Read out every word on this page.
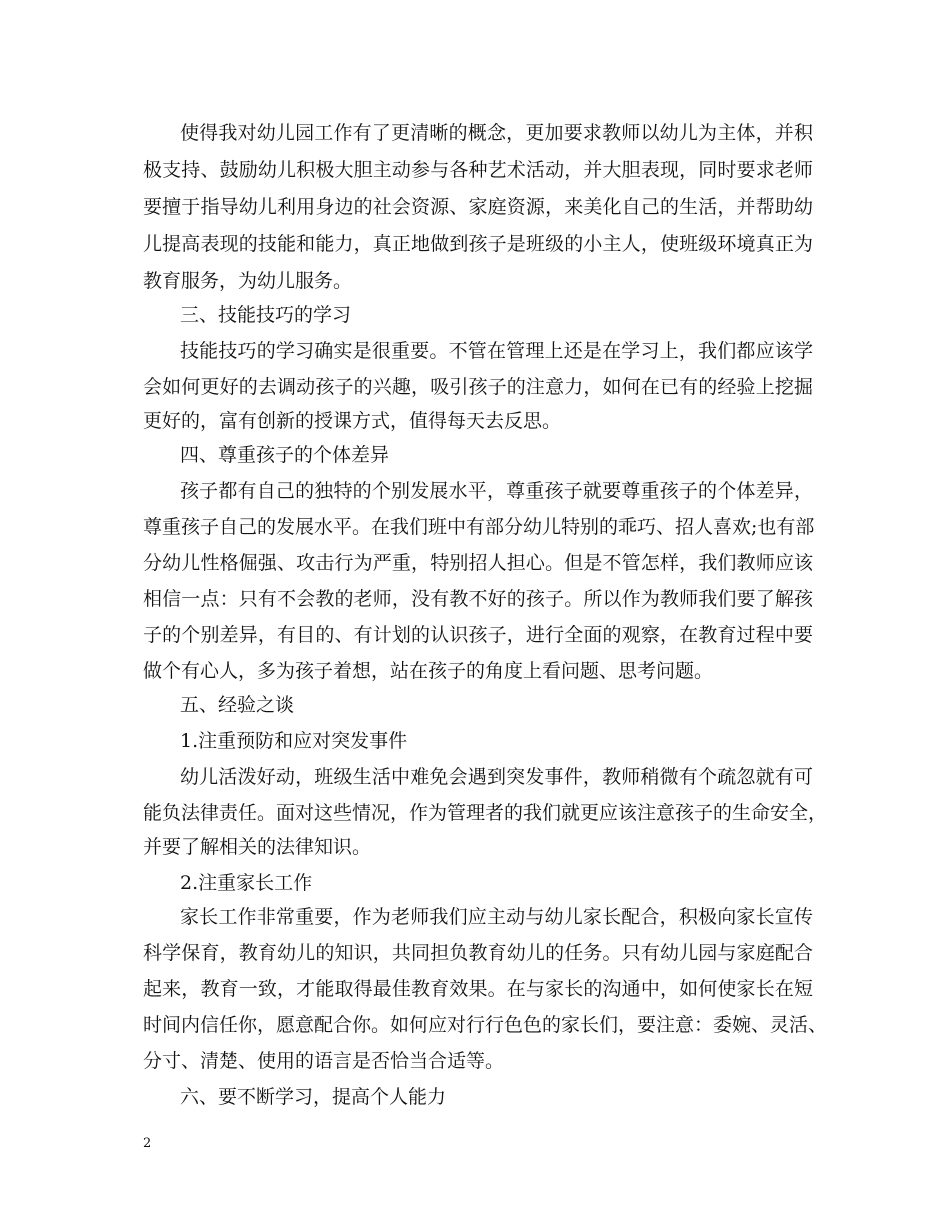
使得我对幼儿园工作有了更清晰的概念，更加要求教师以幼儿为主体，并积
极支持、鼓励幼儿积极大胆主动参与各种艺术活动，并大胆表现，同时要求老师
要擅于指导幼儿利用身边的社会资源、家庭资源，来美化自己的生活，并帮助幼
儿提高表现的技能和能力，真正地做到孩子是班级的小主人，使班级环境真正为
教育服务，为幼儿服务。
三、技能技巧的学习
技能技巧的学习确实是很重要。不管在管理上还是在学习上，我们都应该学
会如何更好的去调动孩子的兴趣，吸引孩子的注意力，如何在已有的经验上挖掘
更好的，富有创新的授课方式，值得每天去反思。
四、尊重孩子的个体差异
孩子都有自己的独特的个别发展水平，尊重孩子就要尊重孩子的个体差异，
尊重孩子自己的发展水平。在我们班中有部分幼儿特别的乖巧、招人喜欢;也有部
分幼儿性格倔强、攻击行为严重，特别招人担心。但是不管怎样，我们教师应该
相信一点：只有不会教的老师，没有教不好的孩子。所以作为教师我们要了解孩
子的个别差异，有目的、有计划的认识孩子，进行全面的观察，在教育过程中要
做个有心人，多为孩子着想，站在孩子的角度上看问题、思考问题。
五、经验之谈
1.注重预防和应对突发事件
幼儿活泼好动，班级生活中难免会遇到突发事件，教师稍微有个疏忽就有可
能负法律责任。面对这些情况，作为管理者的我们就更应该注意孩子的生命安全，
并要了解相关的法律知识。
2.注重家长工作
家长工作非常重要，作为老师我们应主动与幼儿家长配合，积极向家长宣传
科学保育，教育幼儿的知识，共同担负教育幼儿的任务。只有幼儿园与家庭配合
起来，教育一致，才能取得最佳教育效果。在与家长的沟通中，如何使家长在短
时间内信任你，愿意配合你。如何应对行行色色的家长们，要注意：委婉、灵活、
分寸、清楚、使用的语言是否恰当合适等。
六、要不断学习，提高个人能力
2
